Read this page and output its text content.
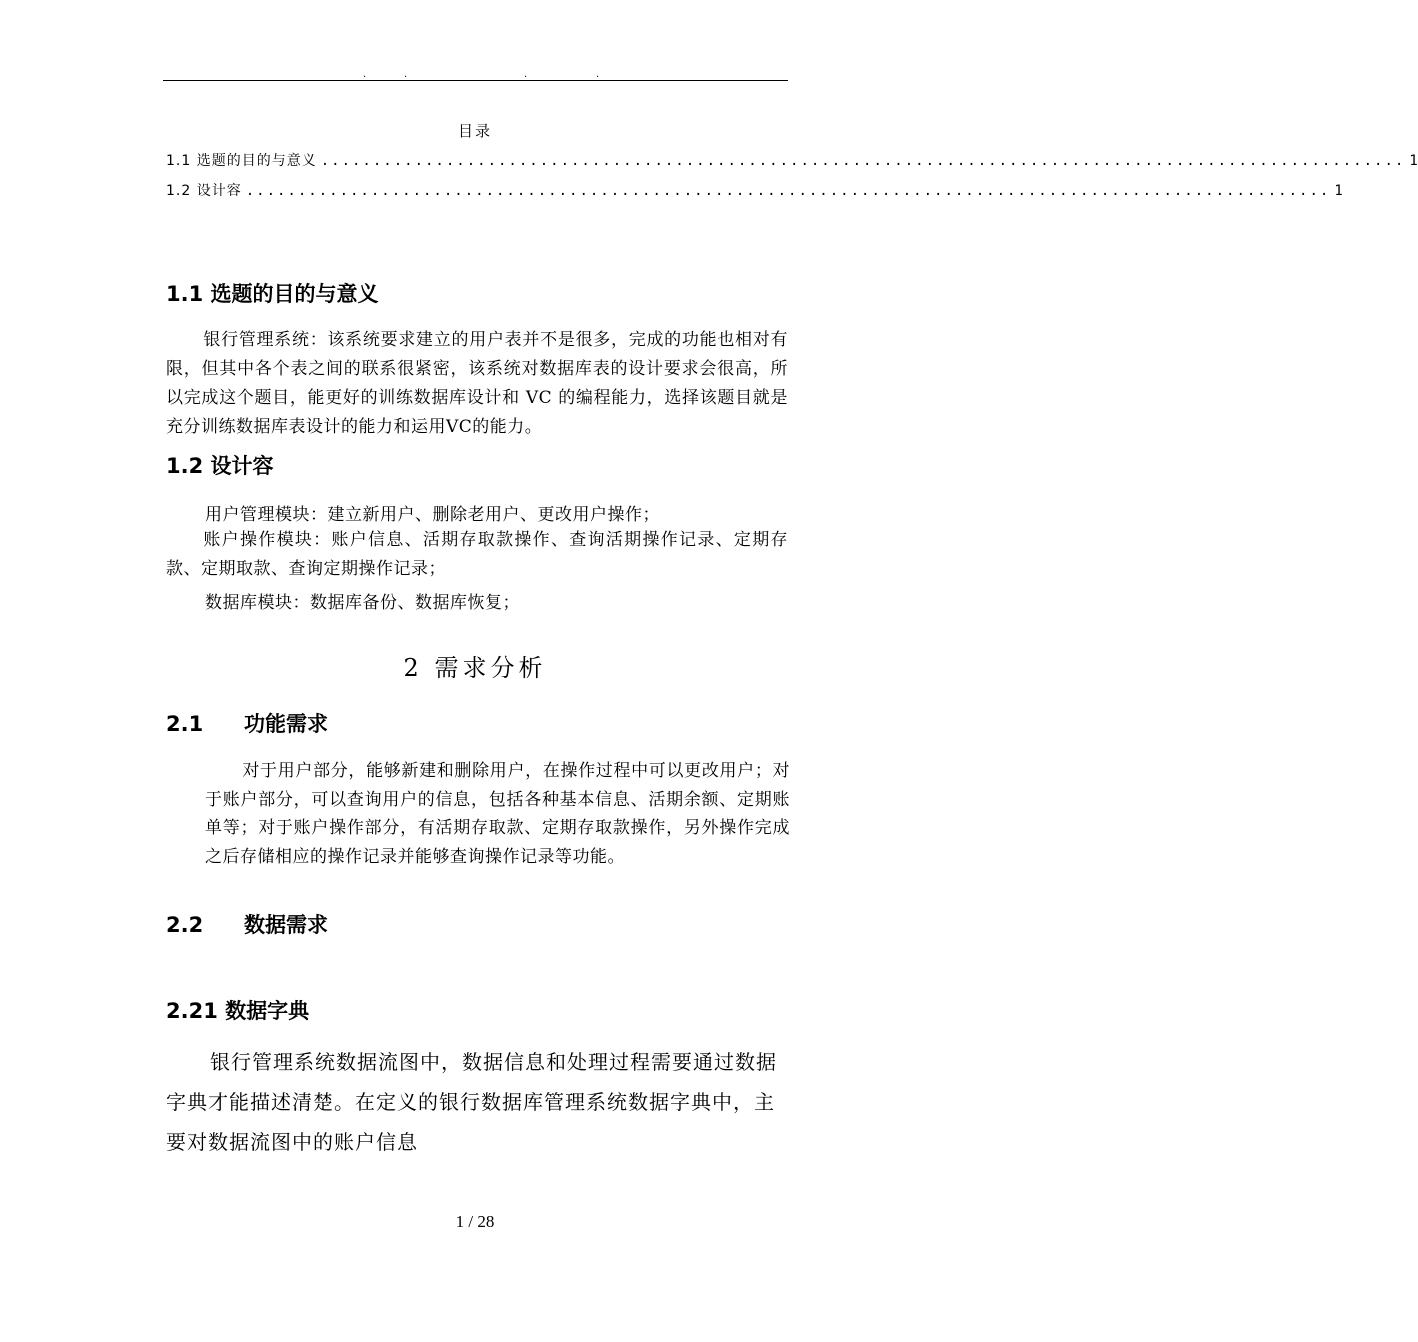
.	.	.	.
目录
1.1 选题的目的与意义 ........................................................................................................ 1
1.2 设计容 ........................................................................................................ 1
1.1 选题的目的与意义
银行管理系统：该系统要求建立的用户表并不是很多，完成的功能也相对有限，但其中各个表之间的联系很紧密，该系统对数据库表的设计要求会很高，所以完成这个题目，能更好的训练数据库设计和 VC 的编程能力，选择该题目就是充分训练数据库表设计的能力和运用VC的能力。
1.2 设计容
用户管理模块：建立新用户、删除老用户、更改用户操作；
账户操作模块：账户信息、活期存取款操作、查询活期操作记录、定期存款、定期取款、查询定期操作记录；
数据库模块：数据库备份、数据库恢复；
2 需求分析
2.1 功能需求
对于用户部分，能够新建和删除用户，在操作过程中可以更改用户；对于账户部分，可以查询用户的信息，包括各种基本信息、活期余额、定期账单等；对于账户操作部分，有活期存取款、定期存取款操作，另外操作完成之后存储相应的操作记录并能够查询操作记录等功能。
2.2 数据需求
2.21 数据字典
银行管理系统数据流图中，数据信息和处理过程需要通过数据字典才能描述清楚。在定义的银行数据库管理系统数据字典中，主要对数据流图中的账户信息
1 / 28
